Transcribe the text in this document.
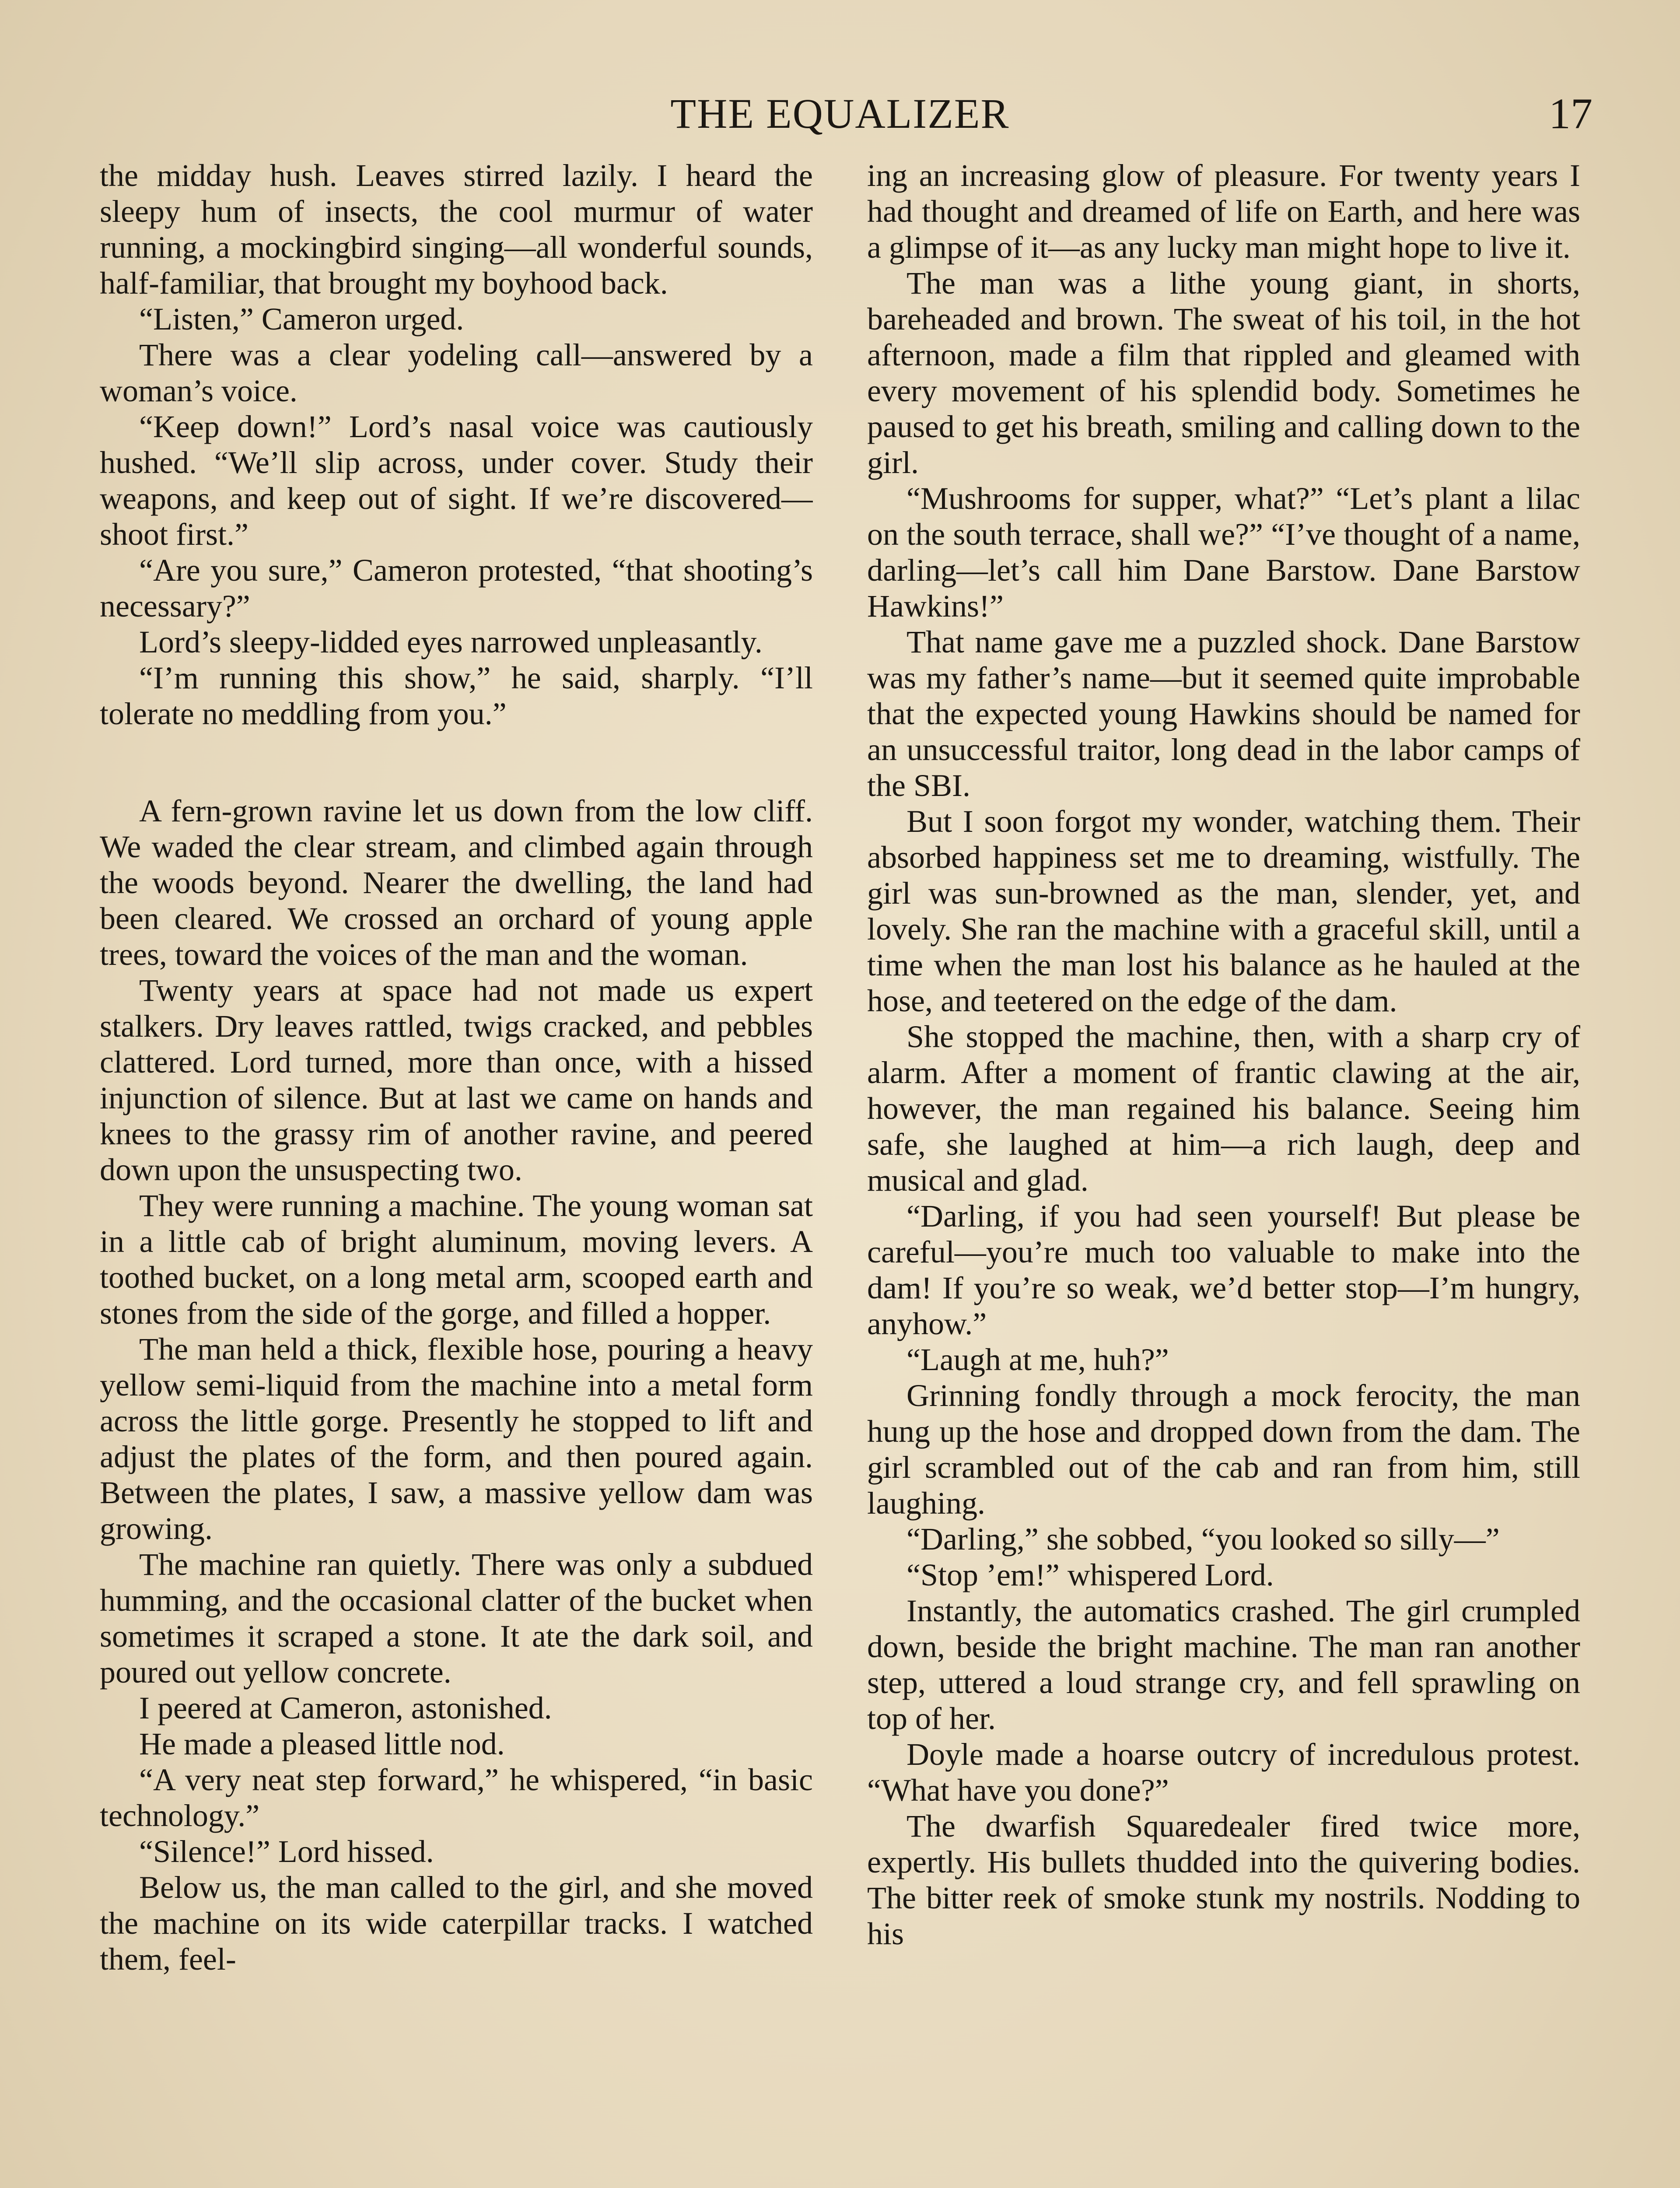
THE EQUALIZER	17

the midday hush. Leaves stirred lazily. I heard the sleepy hum of insects, the cool murmur of water running, a mockingbird singing—all wonderful sounds, half-familiar, that brought my boyhood back.

“Listen,” Cameron urged.

There was a clear yodeling call—answered by a woman’s voice.

“Keep down!” Lord’s nasal voice was cautiously hushed. “We’ll slip across, under cover. Study their weapons, and keep out of sight. If we’re discovered—shoot first.”

“Are you sure,” Cameron protested, “that shooting’s necessary?”

Lord’s sleepy-lidded eyes narrowed unpleasantly.

“I’m running this show,” he said, sharply. “I’ll tolerate no meddling from you.”

A fern-grown ravine let us down from the low cliff. We waded the clear stream, and climbed again through the woods beyond. Nearer the dwelling, the land had been cleared. We crossed an orchard of young apple trees, toward the voices of the man and the woman.

Twenty years at space had not made us expert stalkers. Dry leaves rattled, twigs cracked, and pebbles clattered. Lord turned, more than once, with a hissed injunction of silence. But at last we came on hands and knees to the grassy rim of another ravine, and peered down upon the unsuspecting two.

They were running a machine. The young woman sat in a little cab of bright aluminum, moving levers. A toothed bucket, on a long metal arm, scooped earth and stones from the side of the gorge, and filled a hopper.

The man held a thick, flexible hose, pouring a heavy yellow semi-liquid from the machine into a metal form across the little gorge. Presently he stopped to lift and adjust the plates of the form, and then poured again. Between the plates, I saw, a massive yellow dam was growing.

The machine ran quietly. There was only a subdued humming, and the occasional clatter of the bucket when sometimes it scraped a stone. It ate the dark soil, and poured out yellow concrete.

I peered at Cameron, astonished.

He made a pleased little nod.

“A very neat step forward,” he whispered, “in basic technology.”

“Silence!” Lord hissed.

Below us, the man called to the girl, and she moved the machine on its wide caterpillar tracks. I watched them, feel-

ing an increasing glow of pleasure. For twenty years I had thought and dreamed of life on Earth, and here was a glimpse of it—as any lucky man might hope to live it.

The man was a lithe young giant, in shorts, bareheaded and brown. The sweat of his toil, in the hot afternoon, made a film that rippled and gleamed with every movement of his splendid body. Sometimes he paused to get his breath, smiling and calling down to the girl.

“Mushrooms for supper, what?” “Let’s plant a lilac on the south terrace, shall we?” “I’ve thought of a name, darling—let’s call him Dane Barstow. Dane Barstow Hawkins!”

That name gave me a puzzled shock. Dane Barstow was my father’s name—but it seemed quite improbable that the expected young Hawkins should be named for an unsuccessful traitor, long dead in the labor camps of the SBI.

But I soon forgot my wonder, watching them. Their absorbed happiness set me to dreaming, wistfully. The girl was sun-browned as the man, slender, yet, and lovely. She ran the machine with a graceful skill, until a time when the man lost his balance as he hauled at the hose, and teetered on the edge of the dam.

She stopped the machine, then, with a sharp cry of alarm. After a moment of frantic clawing at the air, however, the man regained his balance. Seeing him safe, she laughed at him—a rich laugh, deep and musical and glad.

“Darling, if you had seen yourself! But please be careful—you’re much too valuable to make into the dam! If you’re so weak, we’d better stop—I’m hungry, anyhow.”

“Laugh at me, huh?”

Grinning fondly through a mock ferocity, the man hung up the hose and dropped down from the dam. The girl scrambled out of the cab and ran from him, still laughing.

“Darling,” she sobbed, “you looked so silly—”

“Stop ’em!” whispered Lord.

Instantly, the automatics crashed. The girl crumpled down, beside the bright machine. The man ran another step, uttered a loud strange cry, and fell sprawling on top of her.

Doyle made a hoarse outcry of incredulous protest. “What have you done?”

The dwarfish Squaredealer fired twice more, expertly. His bullets thudded into the quivering bodies. The bitter reek of smoke stunk my nostrils. Nodding to his
